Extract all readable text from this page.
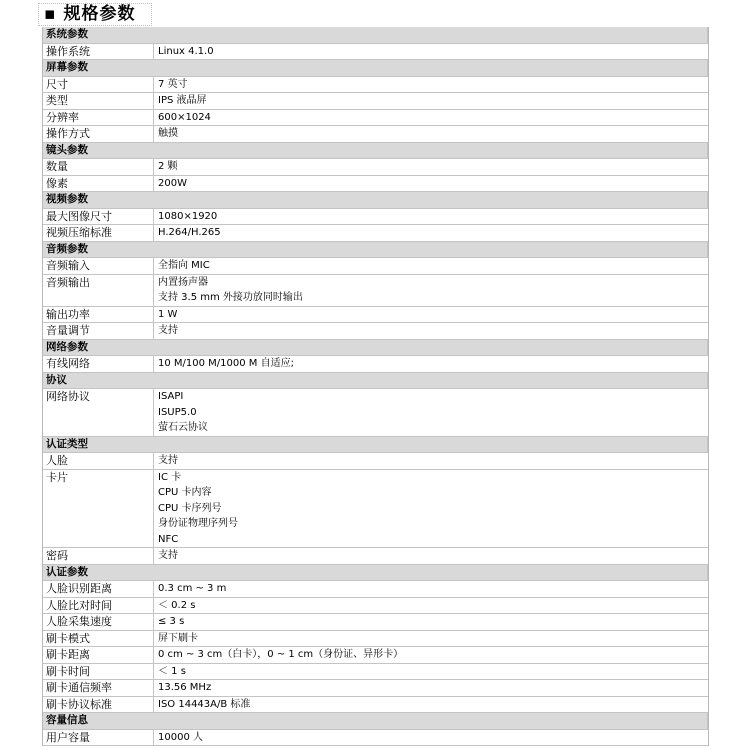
▪ 规格参数
系统参数
操作系统	Linux 4.1.0
屏幕参数
尺寸	7 英寸
类型	IPS 液晶屏
分辨率	600×1024
操作方式	触摸
镜头参数
数量	2 颗
像素	200W
视频参数
最大图像尺寸	1080×1920
视频压缩标准	H.264/H.265
音频参数
音频输入	全指向 MIC
音频输出	内置扬声器
支持 3.5 mm 外接功放同时输出
输出功率	1 W
音量调节	支持
网络参数
有线网络	10 M/100 M/1000 M 自适应;
协议
网络协议	ISAPI
ISUP5.0
萤石云协议
认证类型
人脸	支持
卡片	IC 卡
CPU 卡内容
CPU 卡序列号
身份证物理序列号
NFC
密码	支持
认证参数
人脸识别距离	0.3 cm ~ 3 m
人脸比对时间	＜ 0.2 s
人脸采集速度	≤ 3 s
刷卡模式	屏下刷卡
刷卡距离	0 cm ~ 3 cm（白卡），0 ~ 1 cm（身份证、异形卡）
刷卡时间	＜ 1 s
刷卡通信频率	13.56 MHz
刷卡协议标准	ISO 14443A/B 标准
容量信息
用户容量	10000 人
